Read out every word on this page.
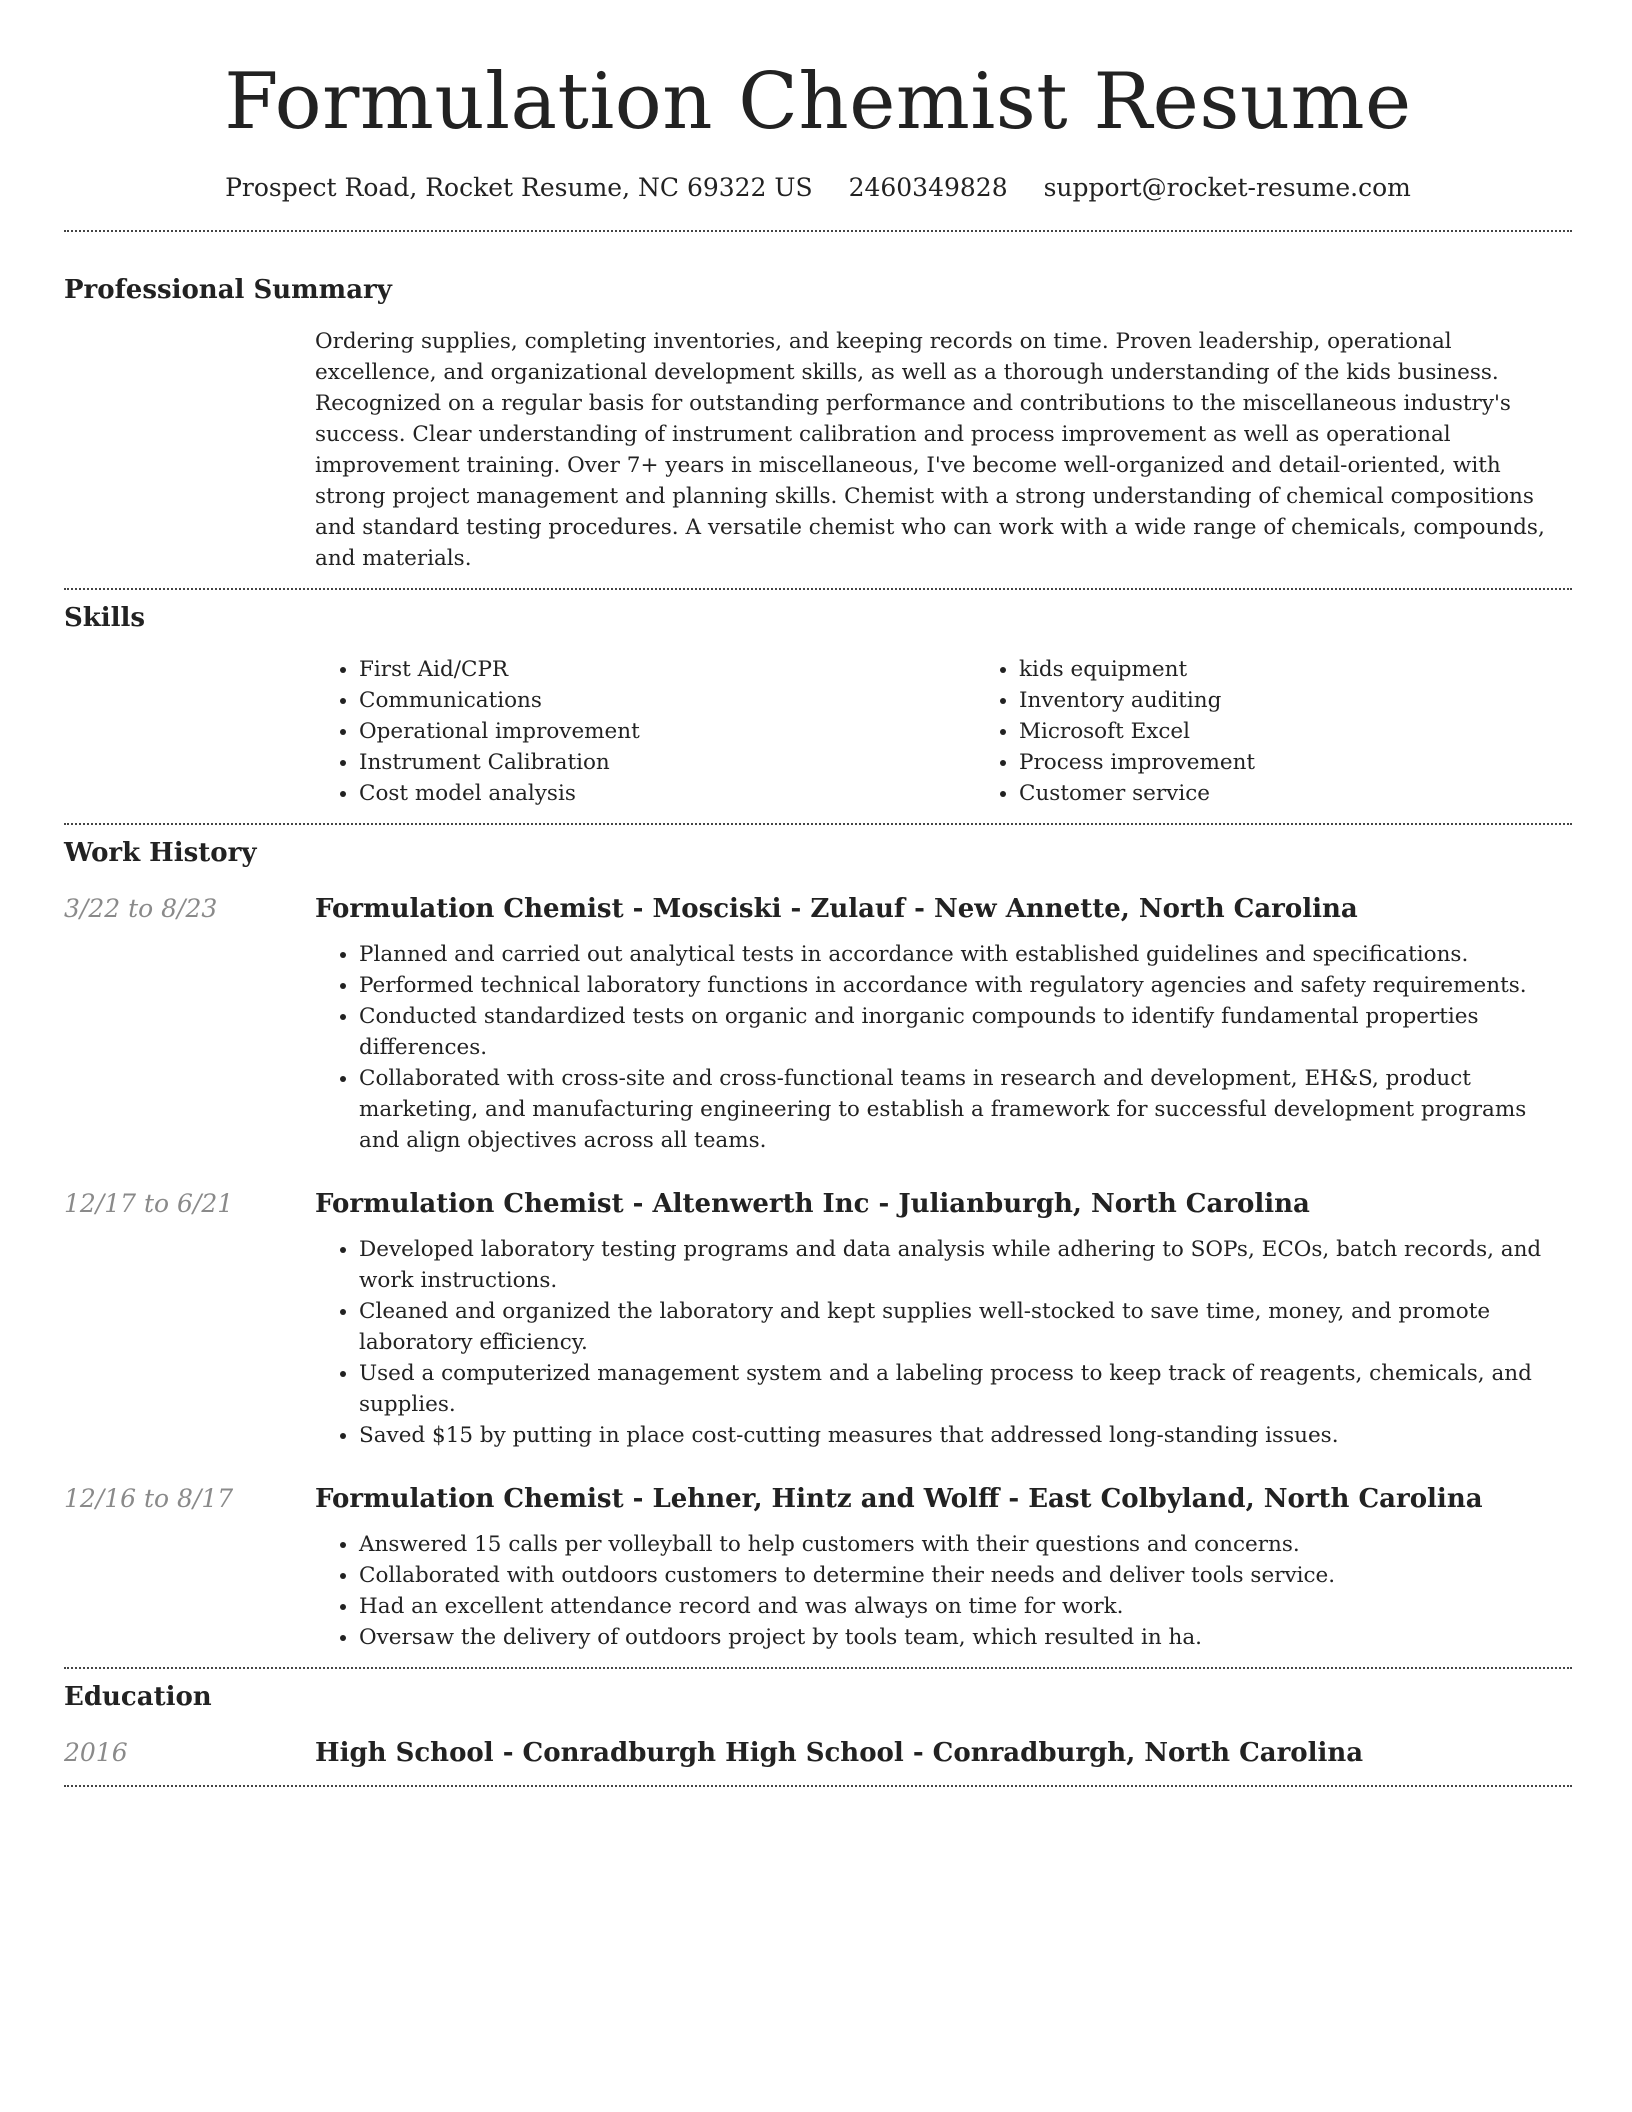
Formulation Chemist Resume
Prospect Road, Rocket Resume, NC 69322 US 2460349828 support@rocket-resume.com
Professional Summary

Ordering supplies, completing inventories, and keeping records on time. Proven leadership, operational excellence, and organizational development skills, as well as a thorough understanding of the kids business. Recognized on a regular basis for outstanding performance and contributions to the miscellaneous industry's success. Clear understanding of instrument calibration and process improvement as well as operational improvement training. Over 7+ years in miscellaneous, I've become well-organized and detail-oriented, with strong project management and planning skills. Chemist with a strong understanding of chemical compositions and standard testing procedures. A versatile chemist who can work with a wide range of chemicals, compounds, and materials.

Skills
• First Aid/CPR
• Communications
• Operational improvement
• Instrument Calibration
• Cost model analysis
• kids equipment
• Inventory auditing
• Microsoft Excel
• Process improvement
• Customer service
Work History
3/22 to 8/23	Formulation Chemist - Mosciski - Zulauf - New Annette, North Carolina
• Planned and carried out analytical tests in accordance with established guidelines and specifications.
• Performed technical laboratory functions in accordance with regulatory agencies and safety requirements.
• Conducted standardized tests on organic and inorganic compounds to identify fundamental properties differences.
• Collaborated with cross-site and cross-functional teams in research and development, EH&S, product marketing, and manufacturing engineering to establish a framework for successful development programs and align objectives across all teams.
12/17 to 6/21	Formulation Chemist - Altenwerth Inc - Julianburgh, North Carolina
• Developed laboratory testing programs and data analysis while adhering to SOPs, ECOs, batch records, and work instructions.
• Cleaned and organized the laboratory and kept supplies well-stocked to save time, money, and promote laboratory efficiency.
• Used a computerized management system and a labeling process to keep track of reagents, chemicals, and supplies.
• Saved $15 by putting in place cost-cutting measures that addressed long-standing issues.
12/16 to 8/17	Formulation Chemist - Lehner, Hintz and Wolff - East Colbyland, North Carolina
• Answered 15 calls per volleyball to help customers with their questions and concerns.
• Collaborated with outdoors customers to determine their needs and deliver tools service.
• Had an excellent attendance record and was always on time for work.
• Oversaw the delivery of outdoors project by tools team, which resulted in ha.
Education
2016	High School - Conradburgh High School - Conradburgh, North Carolina
